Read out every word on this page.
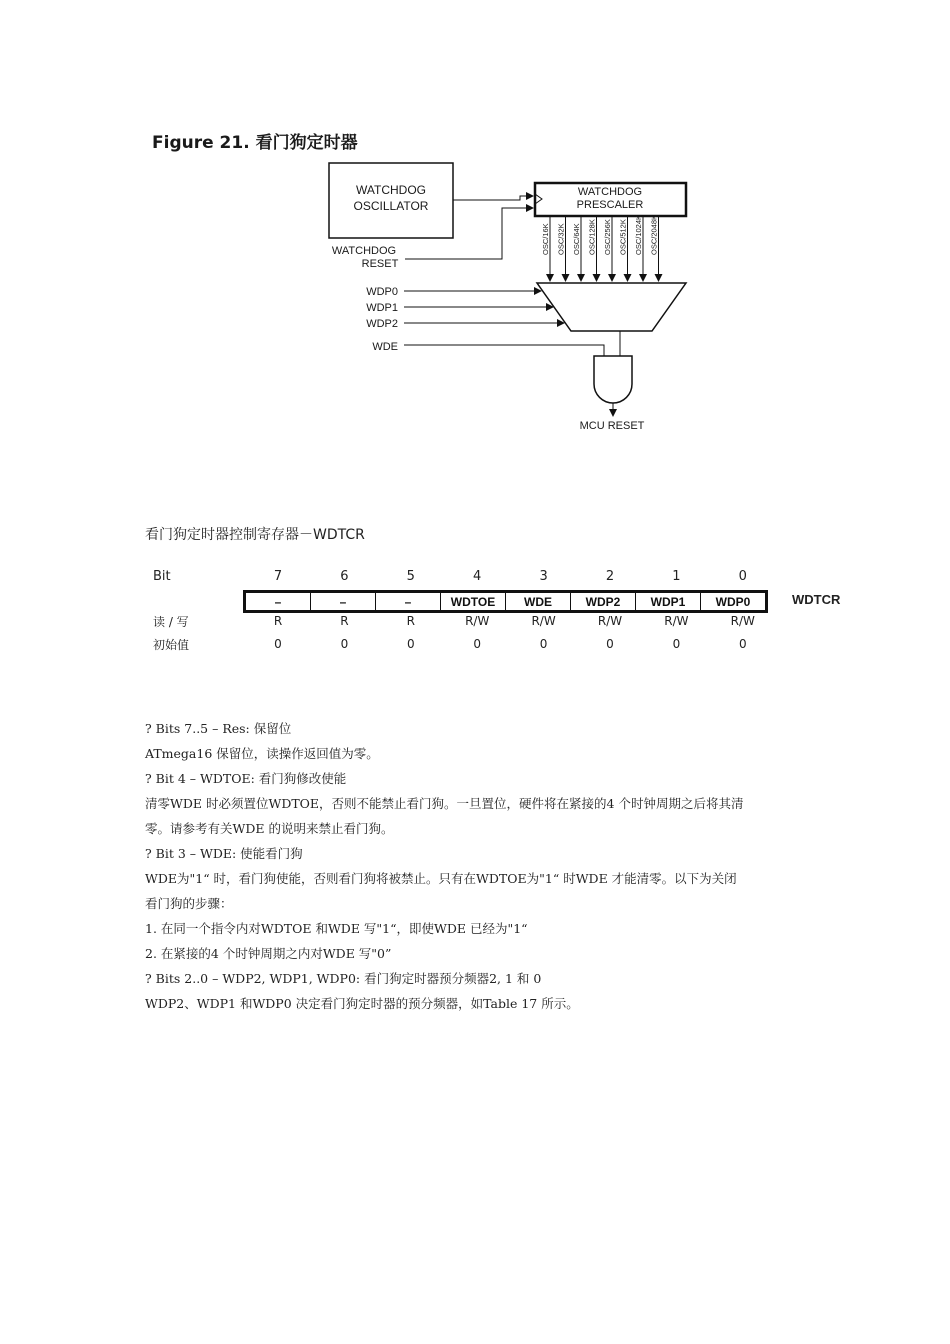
Figure 21. 看门狗定时器
WATCHDOG
OSCILLATOR
WATCHDOG
PRESCALER
WATCHDOG
RESET
OSC/16K OSC/32K OSC/64K OSC/128K OSC/256K OSC/512K OSC/1024K OSC/2048K
WDP0
WDP1
WDP2
WDE
MCU RESET
看门狗定时器控制寄存器－WDTCR
Bit
读 / 写
初始值
WDTCR
7	6	5	4	3	2	1	0
–	–	–	WDTOE	WDE	WDP2	WDP1	WDP0
R	R	R	R/W	R/W	R/W	R/W	R/W
0	0	0	0	0	0	0	0
? Bits 7..5 – Res: 保留位
ATmega16 保留位，读操作返回值为零。
? Bit 4 – WDTOE: 看门狗修改使能
清零WDE 时必须置位WDTOE，否则不能禁止看门狗。一旦置位，硬件将在紧接的4 个时钟周期之后将其清
零。请参考有关WDE 的说明来禁止看门狗。
? Bit 3 – WDE: 使能看门狗
WDE为"1“ 时，看门狗使能，否则看门狗将被禁止。只有在WDTOE为"1“ 时WDE 才能清零。以下为关闭
看门狗的步骤：
1. 在同一个指令内对WDTOE 和WDE 写"1“，即使WDE 已经为"1“
2. 在紧接的4 个时钟周期之内对WDE 写"0”
? Bits 2..0 – WDP2, WDP1, WDP0: 看门狗定时器预分频器2, 1 和 0
WDP2、WDP1 和WDP0 决定看门狗定时器的预分频器，如Table 17 所示。
